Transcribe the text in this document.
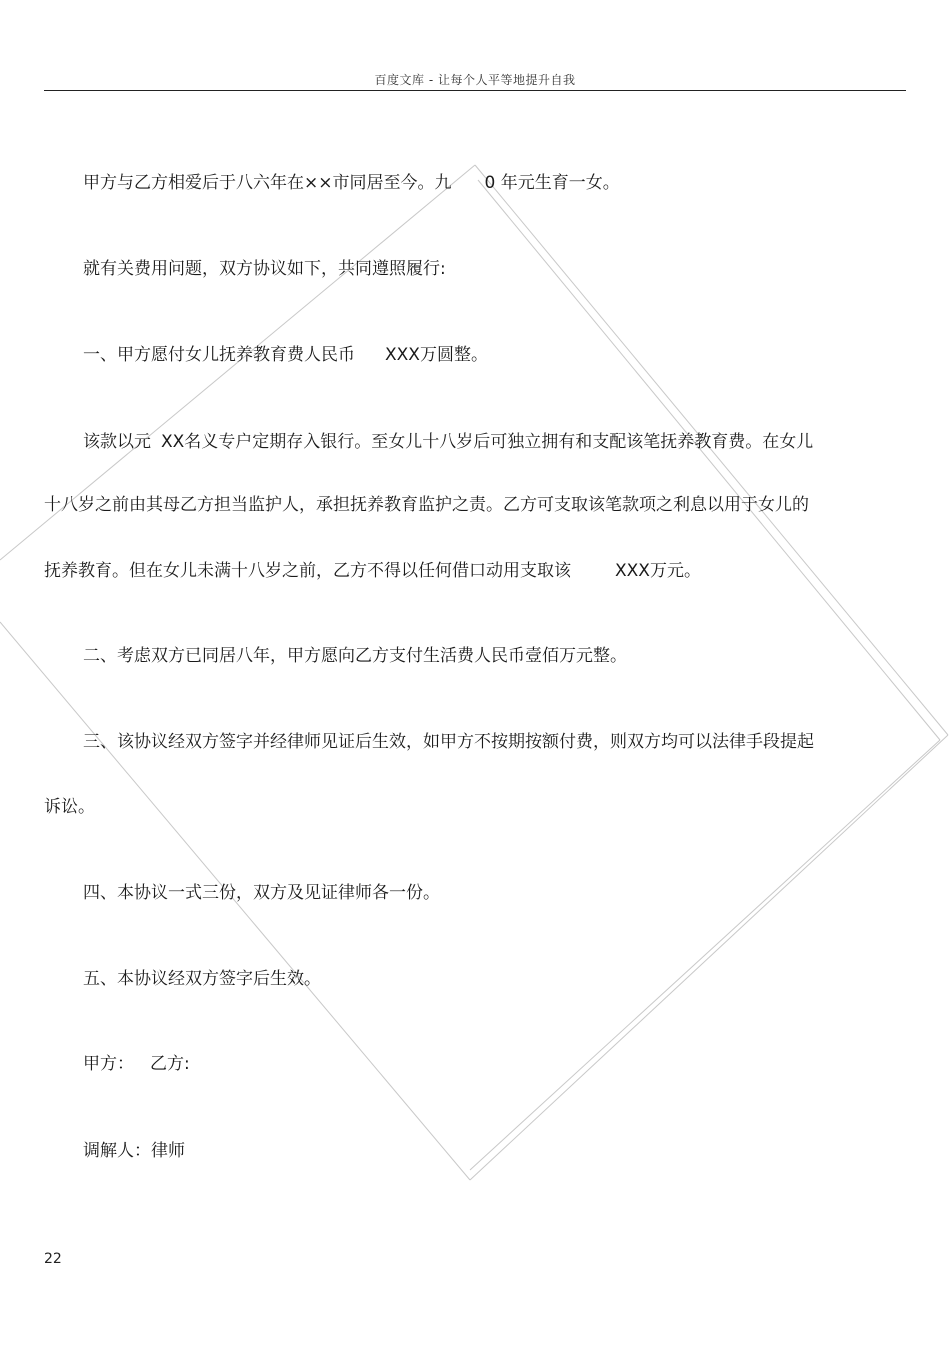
百度文库 - 让每个人平等地提升自我
甲方与乙方相爱后于八六年在××市同居至今。九 0 年元生育一女。
就有关费用问题，双方协议如下，共同遵照履行:
一、甲方愿付女儿抚养教育费人民币 XXX万圆整。
该款以元 XX名义专户定期存入银行。至女儿十八岁后可独立拥有和支配该笔抚养教育费。在女儿
十八岁之前由其母乙方担当监护人，承担抚养教育监护之责。乙方可支取该笔款项之利息以用于女儿的
抚养教育。但在女儿未满十八岁之前，乙方不得以任何借口动用支取该	XXX万元。
二、考虑双方已同居八年，甲方愿向乙方支付生活费人民币壹佰万元整。
三、该协议经双方签字并经律师见证后生效，如甲方不按期按额付费，则双方均可以法律手段提起
诉讼。
四、本协议一式三份，双方及见证律师各一份。
五、本协议经双方签字后生效。
甲方： 乙方:
调解人：律师
22
